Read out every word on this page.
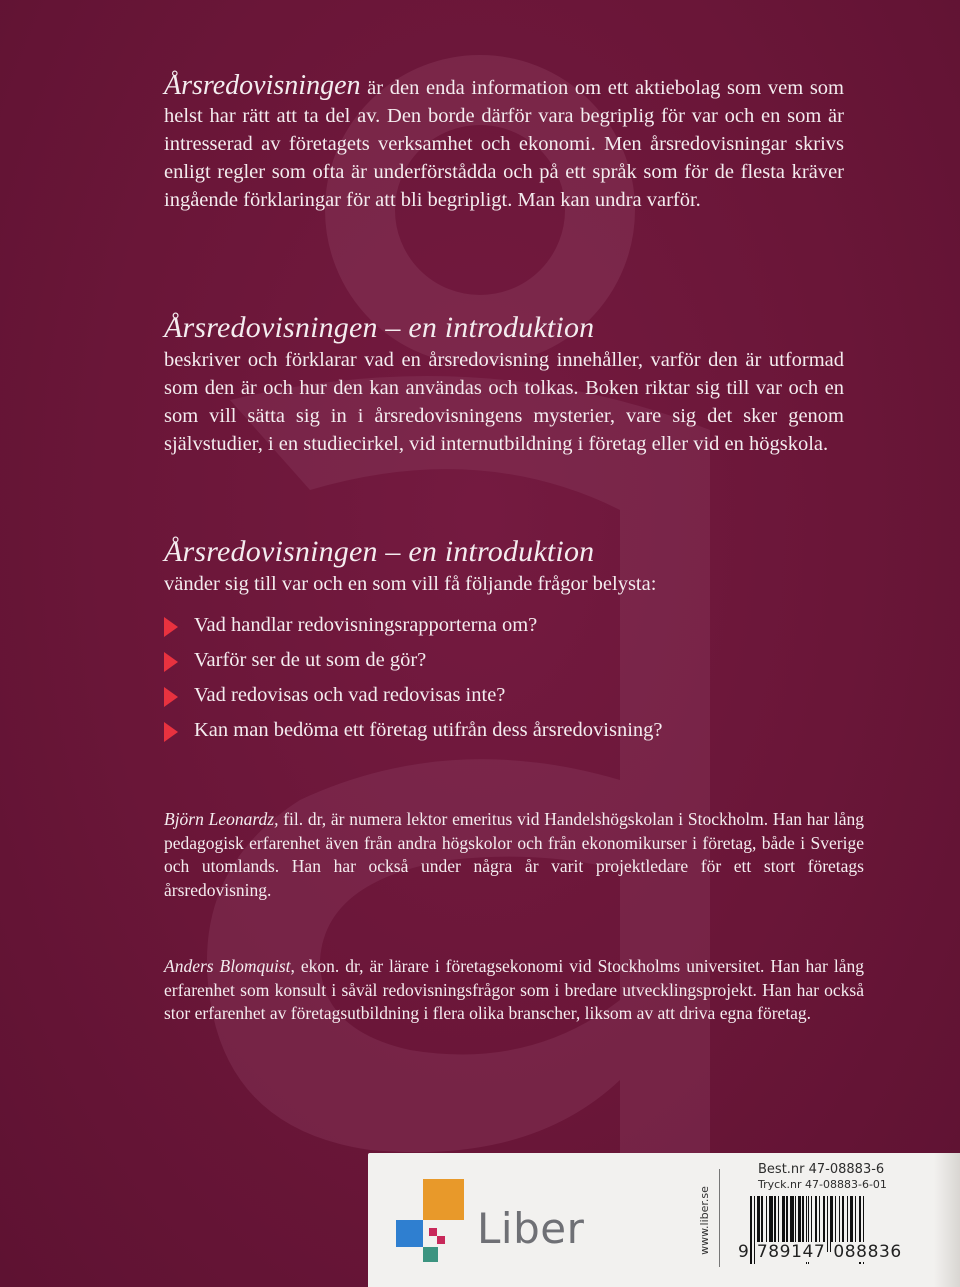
Årsredovisningen är den enda information om ett aktiebolag som vem som helst har rätt att ta del av. Den borde därför vara begriplig för var och en som är intresserad av företagets verksamhet och ekonomi. Men årsredovisningar skrivs enligt regler som ofta är underförstådda och på ett språk som för de flesta kräver ingående förklaringar för att bli begripligt. Man kan undra varför.

Årsredovisningen – en introduktion

beskriver och förklarar vad en årsredovisning innehåller, varför den är utformad som den är och hur den kan användas och tolkas. Boken riktar sig till var och en som vill sätta sig in i årsredovisningens mysterier, vare sig det sker genom självstudier, i en studiecirkel, vid internutbildning i företag eller vid en högskola.

Årsredovisningen – en introduktion

vänder sig till var och en som vill få följande frågor belysta:

Vad handlar redovisningsrapporterna om?
Varför ser de ut som de gör?
Vad redovisas och vad redovisas inte?
Kan man bedöma ett företag utifrån dess årsredovisning?

Björn Leonardz, fil. dr, är numera lektor emeritus vid Handelshögskolan i Stockholm. Han har lång pedagogisk erfarenhet även från andra högskolor och från ekonomikurser i företag, både i Sverige och utomlands. Han har också under några år varit projektledare för ett stort företags årsredovisning.

Anders Blomquist, ekon. dr, är lärare i företagsekonomi vid Stockholms universitet. Han har lång erfarenhet som konsult i såväl redovisningsfrågor som i bredare utvecklingsprojekt. Han har också stor erfarenhet av företagsutbildning i flera olika branscher, liksom av att driva egna företag.

Liber	www.liber.se
Best.nr 47-08883-6
Tryck.nr 47-08883-6-01
9 789147 088836
